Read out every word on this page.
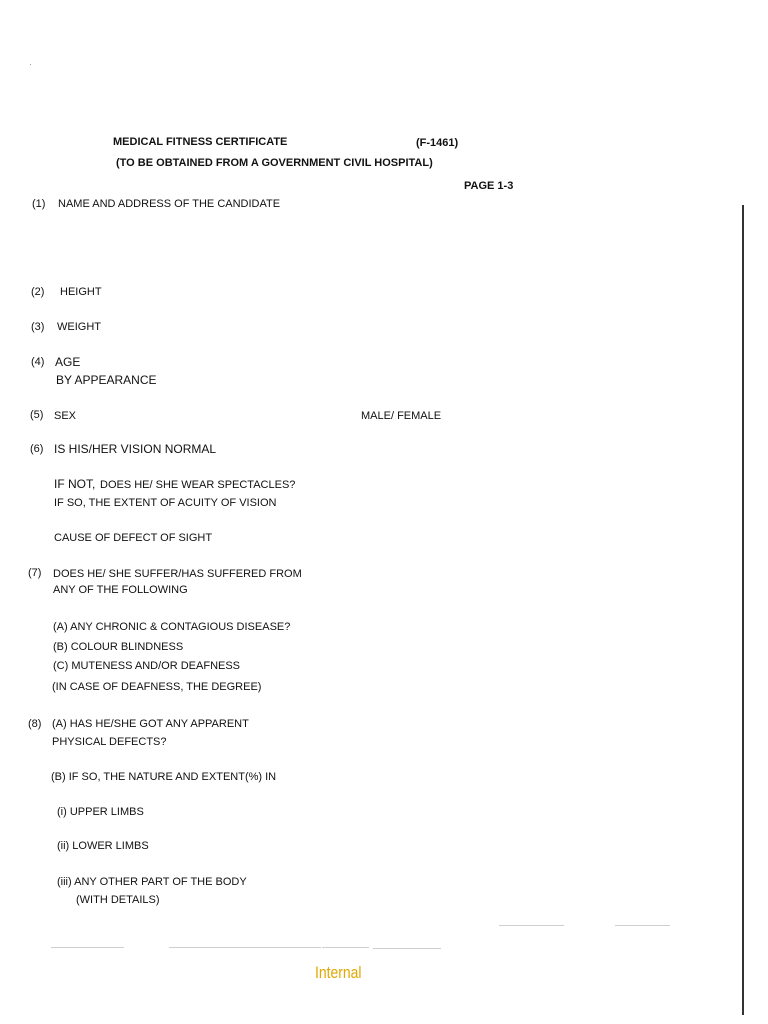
MEDICAL FITNESS CERTIFICATE	(F-1461)
(TO BE OBTAINED FROM A GOVERNMENT CIVIL HOSPITAL)
PAGE 1-3
(1) NAME AND ADDRESS OF THE CANDIDATE
(2) HEIGHT
(3) WEIGHT
(4) AGE
BY APPEARANCE
(5) SEX	MALE/ FEMALE
(6) IS HIS/HER VISION NORMAL
IF NOT, DOES HE/ SHE WEAR SPECTACLES?
IF SO, THE EXTENT OF ACUITY OF VISION
CAUSE OF DEFECT OF SIGHT
(7) DOES HE/ SHE SUFFER/HAS SUFFERED FROM
ANY OF THE FOLLOWING
(A) ANY CHRONIC & CONTAGIOUS DISEASE?
(B) COLOUR BLINDNESS
(C) MUTENESS AND/OR DEAFNESS
(IN CASE OF DEAFNESS, THE DEGREE)
(8) (A) HAS HE/SHE GOT ANY APPARENT
PHYSICAL DEFECTS?
(B) IF SO, THE NATURE AND EXTENT(%) IN
(i) UPPER LIMBS
(ii) LOWER LIMBS
(iii) ANY OTHER PART OF THE BODY
(WITH DETAILS)
Internal
